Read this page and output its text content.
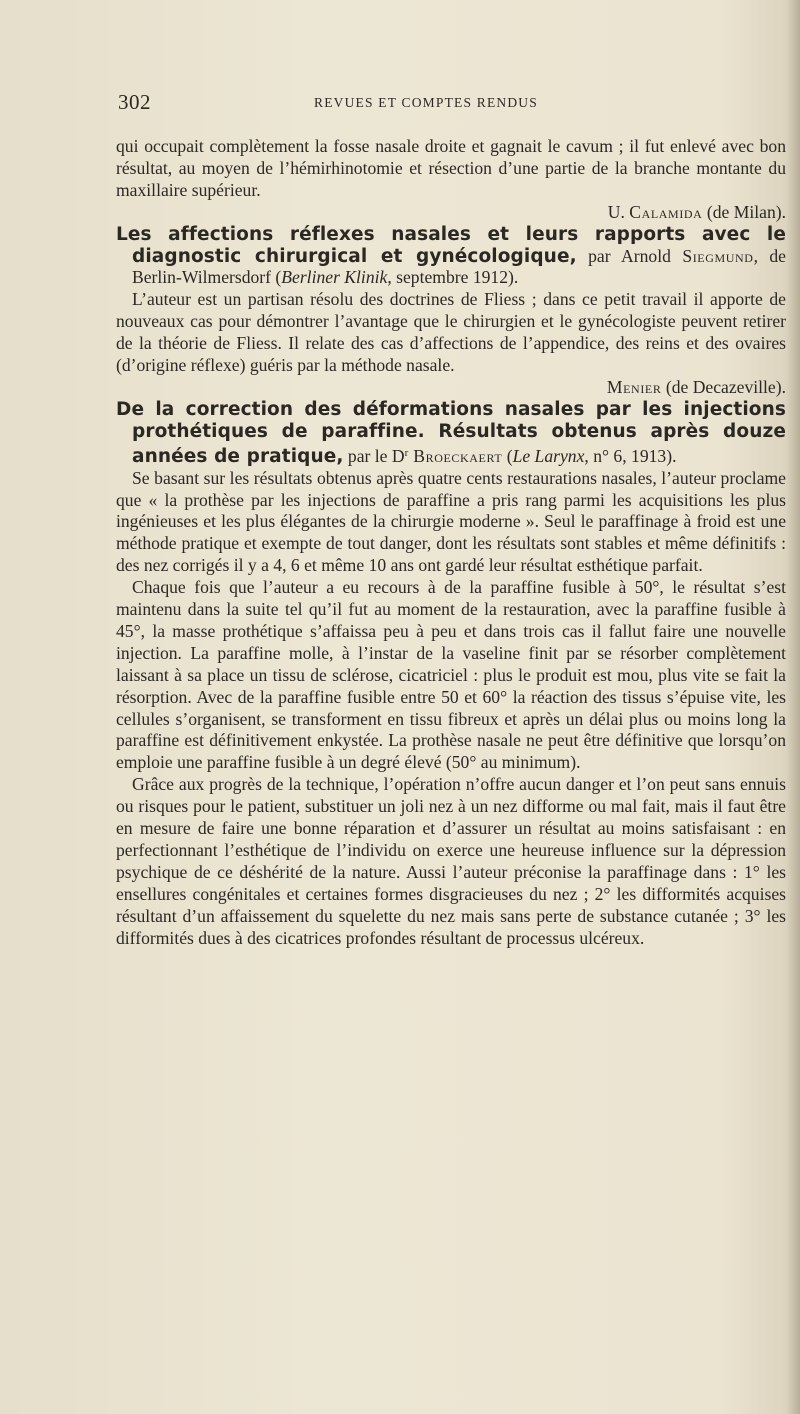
302	REVUES ET COMPTES RENDUS

qui occupait complètement la fosse nasale droite et gagnait le cavum ; il fut enlevé avec bon résultat, au moyen de l’hémirhinotomie et résection d’une partie de la branche montante du maxillaire supérieur.

U. Calamida (de Milan).

Les affections réflexes nasales et leurs rapports avec le diagnostic chirurgical et gynécologique, par Arnold Siegmund, de Berlin-Wilmersdorf (Berliner Klinik, septembre 1912).

L’auteur est un partisan résolu des doctrines de Fliess ; dans ce petit travail il apporte de nouveaux cas pour démontrer l’avantage que le chirurgien et le gynécologiste peuvent retirer de la théorie de Fliess. Il relate des cas d’affections de l’appendice, des reins et des ovaires (d’origine réflexe) guéris par la méthode nasale.

Menier (de Decazeville).

De la correction des déformations nasales par les injections prothétiques de paraffine. Résultats obtenus après douze années de pratique, par le $D^r$ Broeckaert (Le Larynx, n° 6, 1913).

Se basant sur les résultats obtenus après quatre cents restaurations nasales, l’auteur proclame que « la prothèse par les injections de paraffine a pris rang parmi les acquisitions les plus ingénieuses et les plus élégantes de la chirurgie moderne ». Seul le paraffinage à froid est une méthode pratique et exempte de tout danger, dont les résultats sont stables et même définitifs : des nez corrigés il y a 4, 6 et même 10 ans ont gardé leur résultat esthétique parfait.

Chaque fois que l’auteur a eu recours à de la paraffine fusible à 50°, le résultat s’est maintenu dans la suite tel qu’il fut au moment de la restauration, avec la paraffine fusible à 45°, la masse prothétique s’affaissa peu à peu et dans trois cas il fallut faire une nouvelle injection. La paraffine molle, à l’instar de la vaseline finit par se résorber complètement laissant à sa place un tissu de sclérose, cicatriciel : plus le produit est mou, plus vite se fait la résorption. Avec de la paraffine fusible entre 50 et 60° la réaction des tissus s’épuise vite, les cellules s’organisent, se transforment en tissu fibreux et après un délai plus ou moins long la paraffine est définitivement enkystée. La prothèse nasale ne peut être définitive que lorsqu’on emploie une paraffine fusible à un degré élevé (50° au minimum).

Grâce aux progrès de la technique, l’opération n’offre aucun danger et l’on peut sans ennuis ou risques pour le patient, substituer un joli nez à un nez difforme ou mal fait, mais il faut être en mesure de faire une bonne réparation et d’assurer un résultat au moins satisfaisant : en perfectionnant l’esthétique de l’individu on exerce une heureuse influence sur la dépression psychique de ce déshérité de la nature. Aussi l’auteur préconise la paraffinage dans : 1° les ensellures congénitales et certaines formes disgracieuses du nez ; 2° les difformités acquises résultant d’un affaissement du squelette du nez mais sans perte de substance cutanée ; 3° les difformités dues à des cicatrices profondes résultant de processus ulcéreux.
